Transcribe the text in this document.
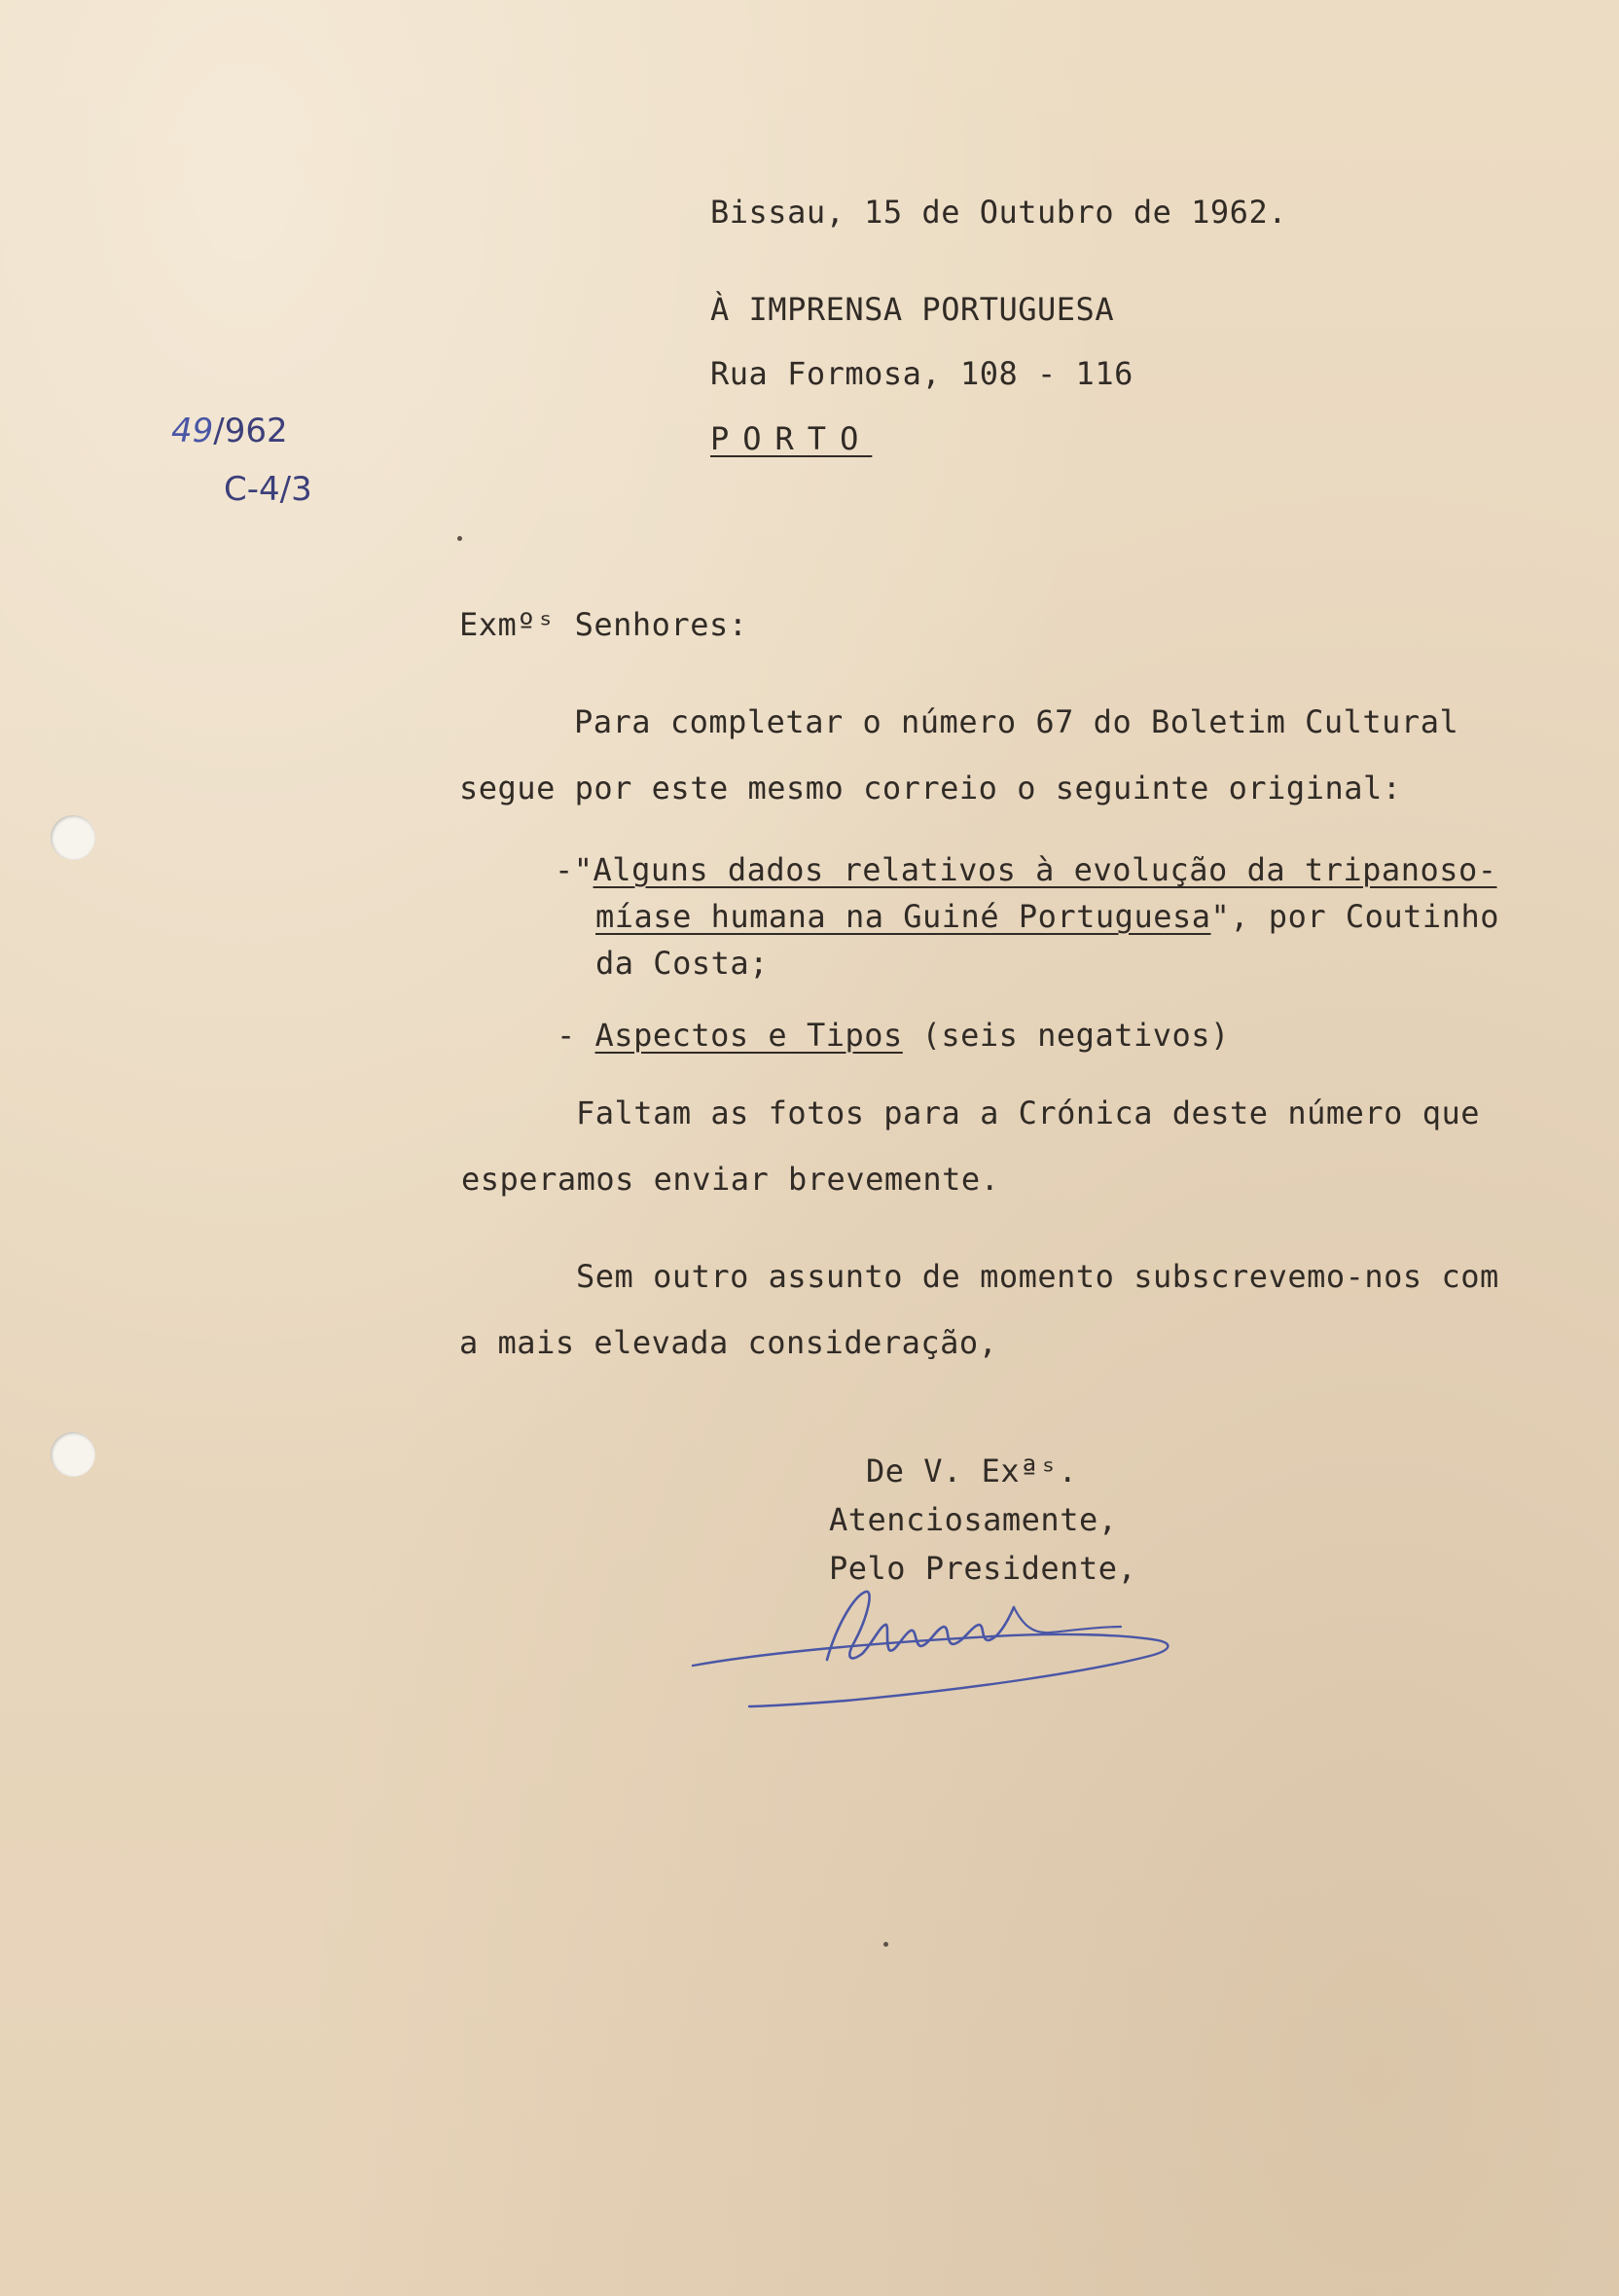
Bissau, 15 de Outubro de 1962.
À IMPRENSA PORTUGUESA
Rua Formosa, 108 - 116
PORTO
49/962
C-4/3
Exmºˢ Senhores:
Para completar o número 67 do Boletim Cultural
segue por este mesmo correio o seguinte original:
-"Alguns dados relativos à evolução da tripanoso-
míase humana na Guiné Portuguesa", por Coutinho
da Costa;
- Aspectos e Tipos (seis negativos)
Faltam as fotos para a Crónica deste número que
esperamos enviar brevemente.
Sem outro assunto de momento subscrevemo-nos com
a mais elevada consideração,
De V. Exªˢ.
Atenciosamente,
Pelo Presidente,
